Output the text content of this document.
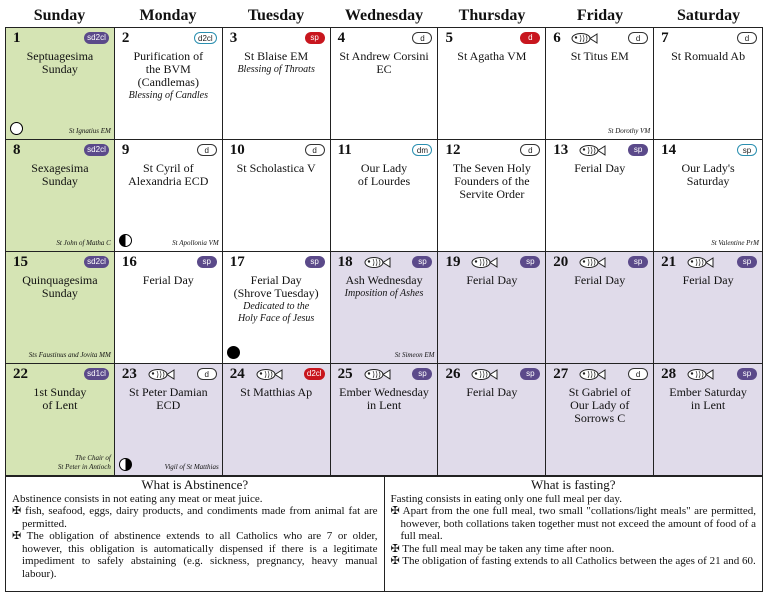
Sunday	Monday	Tuesday	Wednesday	Thursday	Friday	Saturday
1	sd2cl
Septuagesima
Sunday
St Ignatius EM
2	d2cl
Purification of
the BVM
(Candlemas)
Blessing of Candles
3	sp
St Blaise EM
Blessing of Throats
4	d
St Andrew Corsini
EC
5	d
St Agatha VM
6	d
St Titus EM
St Dorothy VM
7	d
St Romuald Ab
8	sd2cl
Sexagesima
Sunday
St John of Matha C
9	d
St Cyril of
Alexandria ECD
St Apollonia VM
10	d
St Scholastica V
11	dm
Our Lady
of Lourdes
12	d
The Seven Holy
Founders of the
Servite Order
13	sp
Ferial Day
14	sp
Our Lady's
Saturday
St Valentine PrM
15	sd2cl
Quinquagesima
Sunday
Sts Faustinus and Jovita MM
16	sp
Ferial Day
17	sp
Ferial Day
(Shrove Tuesday)
Dedicated to the
Holy Face of Jesus
18	sp
Ash Wednesday
Imposition of Ashes
St Simeon EM
19	sp
Ferial Day
20	sp
Ferial Day
21	sp
Ferial Day
22	sd1cl
1st Sunday
of Lent
The Chair of
St Peter in Antioch
23	d
St Peter Damian
ECD
Vigil of St Matthias
24	d2cl
St Matthias Ap
25	sp
Ember Wednesday
in Lent
26	sp
Ferial Day
27	d
St Gabriel of
Our Lady of
Sorrows C
28	sp
Ember Saturday
in Lent
What is Abstinence?

Abstinence consists in not eating any meat or meat juice.

✠ fish, seafood, eggs, dairy products, and condiments made from animal fat are permitted.
✠ The obligation of abstinence extends to all Catholics who are 7 or older, however, this obligation is automatically dispensed if there is a legitimate impediment to safely abstaining (e.g. sickness, pregnancy, heavy manual labour).
What is fasting?

Fasting consists in eating only one full meal per day.

✠ Apart from the one full meal, two small "collations/light meals" are permitted, however, both collations taken together must not exceed the amount of food of a full meal.
✠ The full meal may be taken any time after noon.
✠ The obligation of fasting extends to all Catholics between the ages of 21 and 60.
